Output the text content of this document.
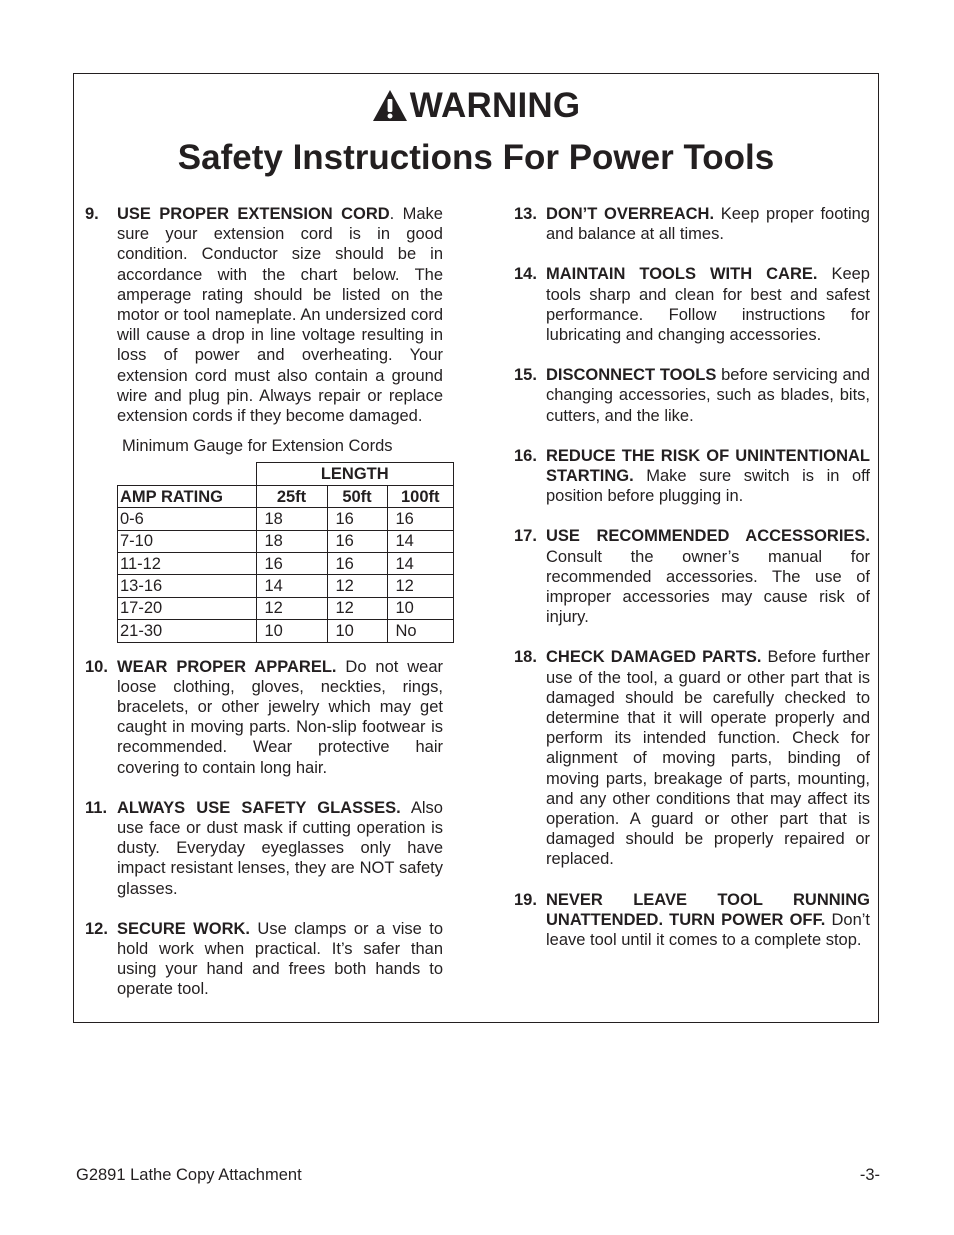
WARNING
Safety Instructions For Power Tools
9. USE PROPER EXTENSION CORD. Make sure your extension cord is in good condition. Conductor size should be in accordance with the chart below. The amperage rating should be listed on the motor or tool nameplate. An undersized cord will cause a drop in line voltage resulting in loss of power and overheating. Your extension cord must also contain a ground wire and plug pin. Always repair or replace extension cords if they become damaged.
Minimum Gauge for Extension Cords
	LENGTH		
AMP RATING	25ft	50ft	100ft
0-6	18	16	16
7-10	18	16	14
11-12	16	16	14
13-16	14	12	12
17-20	12	12	10
21-30	10	10	No
10. WEAR PROPER APPAREL. Do not wear loose clothing, gloves, neckties, rings, bracelets, or other jewelry which may get caught in moving parts. Non-slip footwear is recommended. Wear protective hair covering to contain long hair.
11. ALWAYS USE SAFETY GLASSES. Also use face or dust mask if cutting operation is dusty. Everyday eyeglasses only have impact resistant lenses, they are NOT safety glasses.
12. SECURE WORK. Use clamps or a vise to hold work when practical. It’s safer than using your hand and frees both hands to operate tool.
13. DON’T OVERREACH. Keep proper footing and balance at all times.
14. MAINTAIN TOOLS WITH CARE. Keep tools sharp and clean for best and safest performance. Follow instructions for lubricating and changing accessories.
15. DISCONNECT TOOLS before servicing and changing accessories, such as blades, bits, cutters, and the like.
16. REDUCE THE RISK OF UNINTENTIONAL STARTING. Make sure switch is in off position before plugging in.
17. USE RECOMMENDED ACCESSORIES. Consult the owner’s manual for recommended accessories. The use of improper accessories may cause risk of injury.
18. CHECK DAMAGED PARTS. Before further use of the tool, a guard or other part that is damaged should be carefully checked to determine that it will operate properly and perform its intended function. Check for alignment of moving parts, binding of moving parts, breakage of parts, mounting, and any other conditions that may affect its operation. A guard or other part that is damaged should be properly repaired or replaced.
19. NEVER LEAVE TOOL RUNNING UNATTENDED. TURN POWER OFF. Don’t leave tool until it comes to a complete stop.
G2891 Lathe Copy Attachment	-3-
